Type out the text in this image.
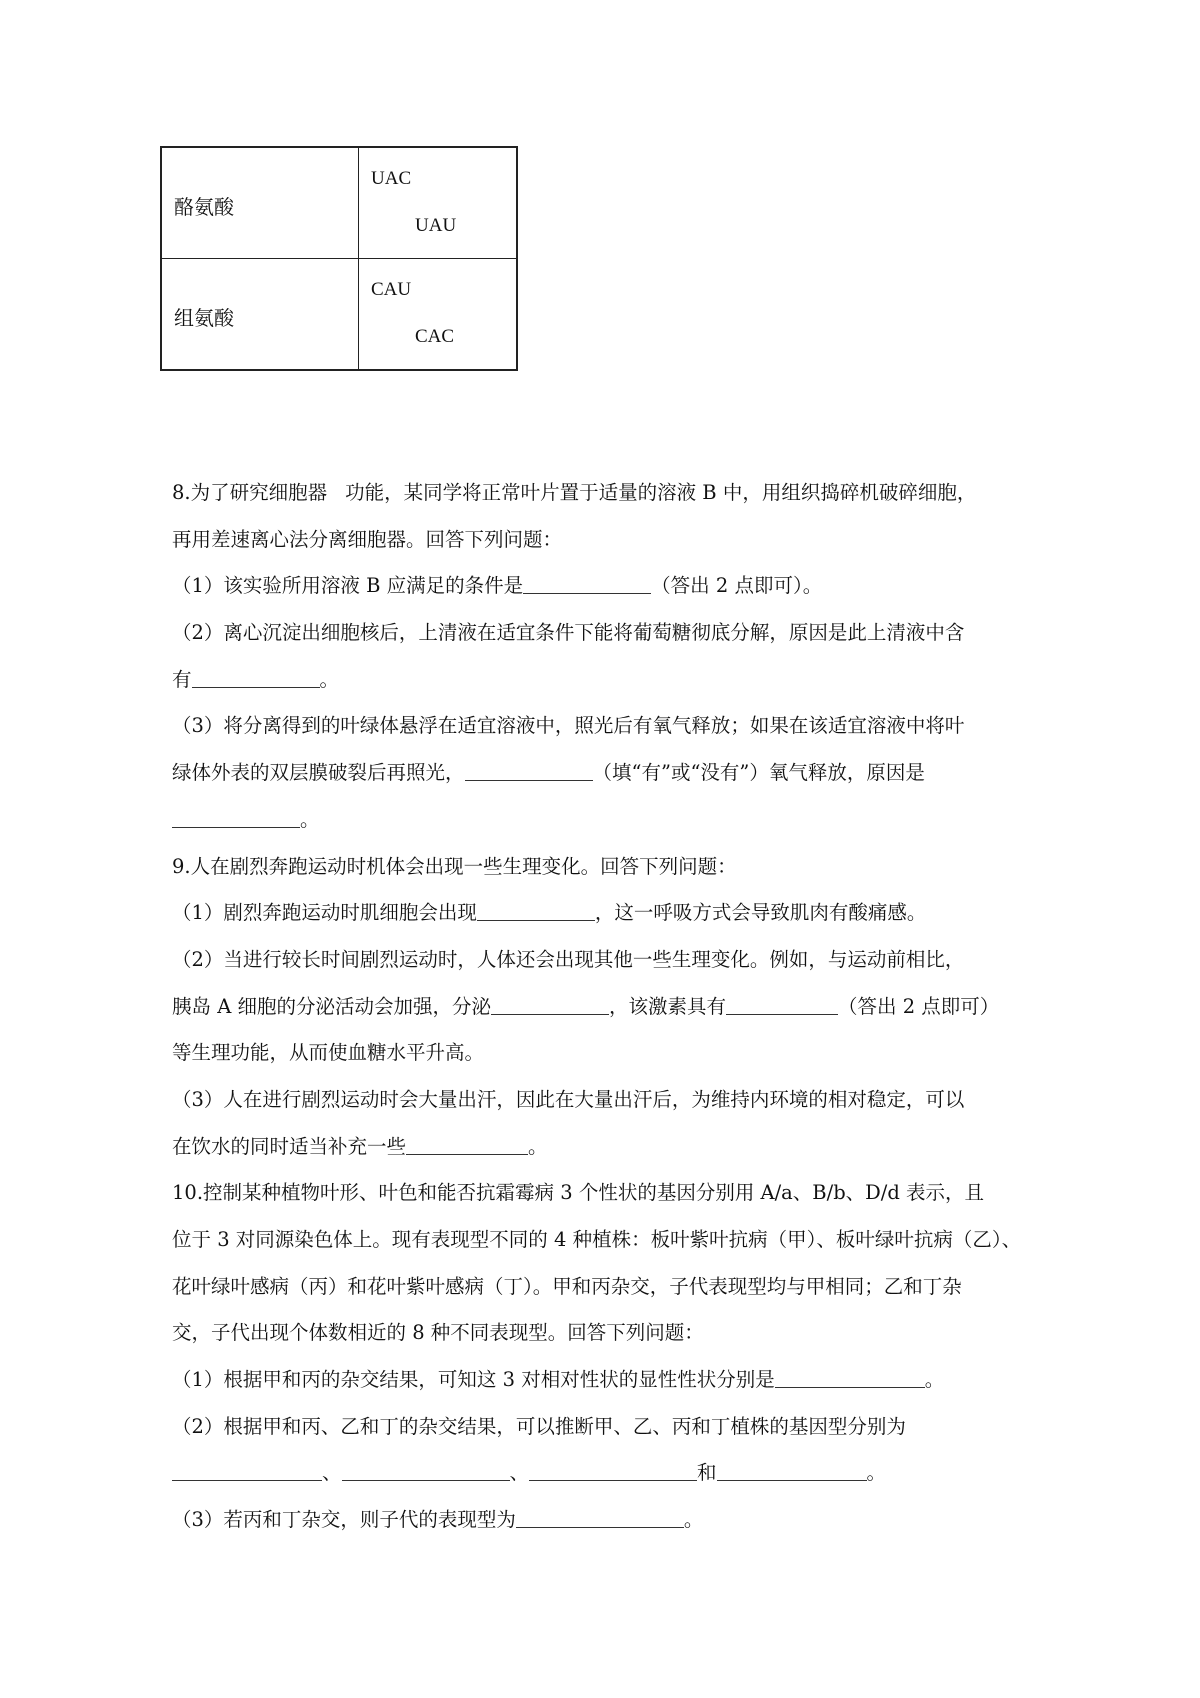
酪氨酸	UAC
UAU

组氨酸	CAU
CAC
8.为了研究细胞器 功能，某同学将正常叶片置于适量的溶液 B 中，用组织捣碎机破碎细胞，
再用差速离心法分离细胞器。回答下列问题：
（1）该实验所用溶液 B 应满足的条件是	（答出 2 点即可）。
（2）离心沉淀出细胞核后，上清液在适宜条件下能将葡萄糖彻底分解，原因是此上清液中含
有	。
（3）将分离得到的叶绿体悬浮在适宜溶液中，照光后有氧气释放；如果在该适宜溶液中将叶
绿体外表的双层膜破裂后再照光，	（填“有”或“没有”）氧气释放，原因是
。
9.人在剧烈奔跑运动时机体会出现一些生理变化。回答下列问题：
（1）剧烈奔跑运动时肌细胞会出现	，这一呼吸方式会导致肌肉有酸痛感。
（2）当进行较长时间剧烈运动时，人体还会出现其他一些生理变化。例如，与运动前相比，
胰岛 A 细胞的分泌活动会加强，分泌	，该激素具有	（答出 2 点即可）
等生理功能，从而使血糖水平升高。
（3）人在进行剧烈运动时会大量出汗，因此在大量出汗后，为维持内环境的相对稳定，可以
在饮水的同时适当补充一些	。
10.控制某种植物叶形、叶色和能否抗霜霉病 3 个性状的基因分别用 A/a、B/b、D/d 表示，且
位于 3 对同源染色体上。现有表现型不同的 4 种植株：板叶紫叶抗病（甲）、板叶绿叶抗病（乙）、
花叶绿叶感病（丙）和花叶紫叶感病（丁）。甲和丙杂交，子代表现型均与甲相同；乙和丁杂
交，子代出现个体数相近的 8 种不同表现型。回答下列问题：
（1）根据甲和丙的杂交结果，可知这 3 对相对性状的显性性状分别是	。
（2）根据甲和丙、乙和丁的杂交结果，可以推断甲、乙、丙和丁植株的基因型分别为
、	、	和	。
（3）若丙和丁杂交，则子代的表现型为	。
